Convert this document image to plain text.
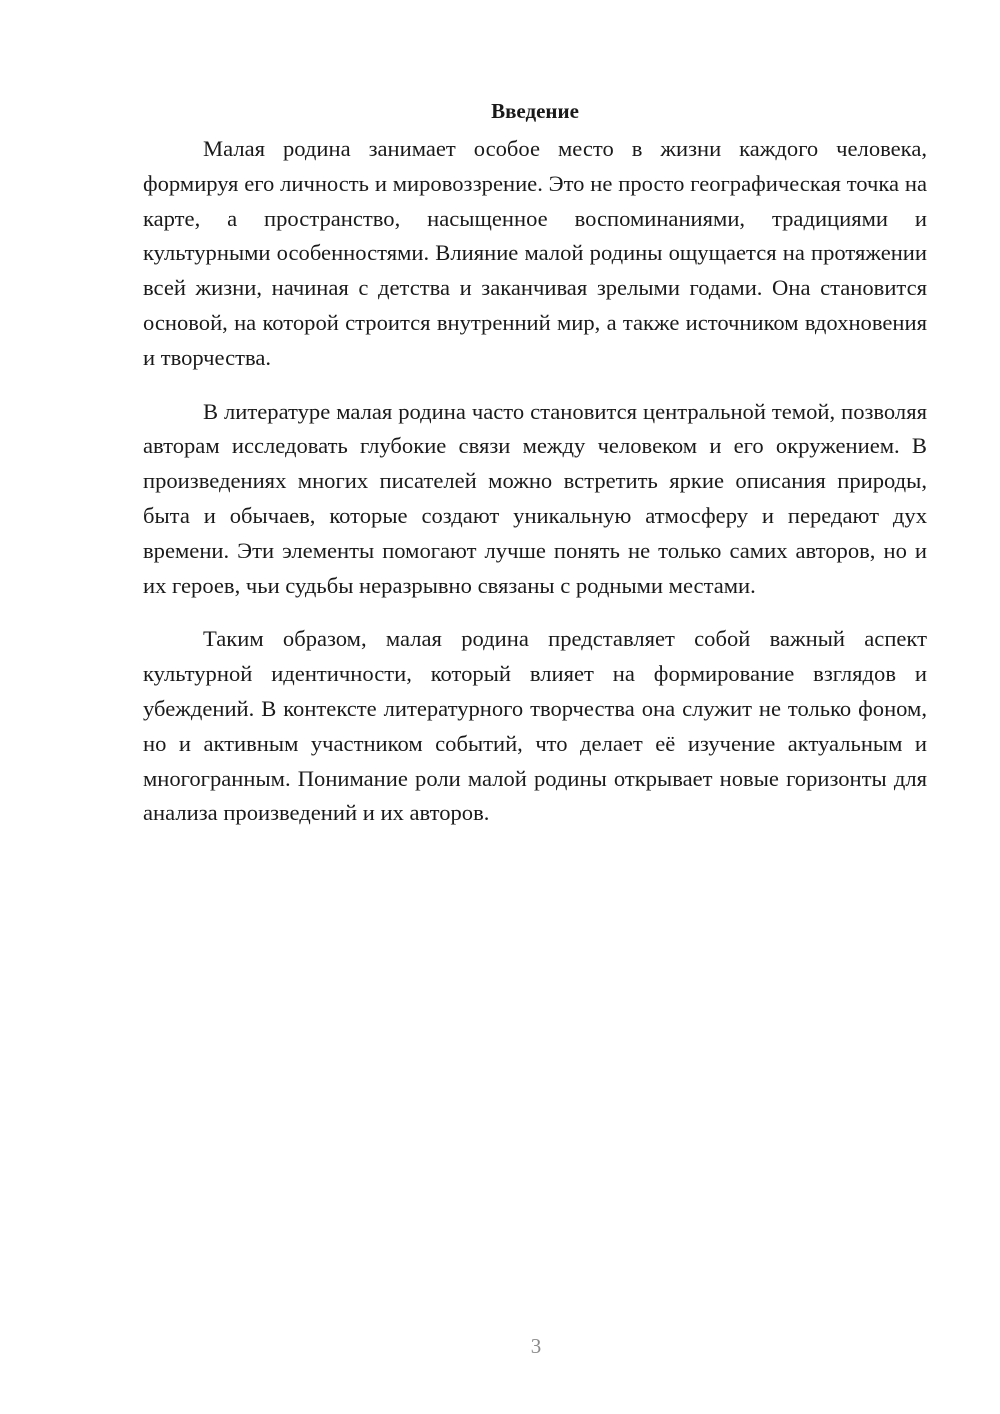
Введение

Малая родина занимает особое место в жизни каждого человека, формируя его личность и мировоззрение. Это не просто географическая точка на карте, а пространство, насыщенное воспоминаниями, традициями и культурными особенностями. Влияние малой родины ощущается на протяжении всей жизни, начиная с детства и заканчивая зрелыми годами. Она становится основой, на которой строится внутренний мир, а также источником вдохновения и творчества.

В литературе малая родина часто становится центральной темой, позволяя авторам исследовать глубокие связи между человеком и его окружением. В произведениях многих писателей можно встретить яркие описания природы, быта и обычаев, которые создают уникальную атмосферу и передают дух времени. Эти элементы помогают лучше понять не только самих авторов, но и их героев, чьи судьбы неразрывно связаны с родными местами.

Таким образом, малая родина представляет собой важный аспект культурной идентичности, который влияет на формирование взглядов и убеждений. В контексте литературного творчества она служит не только фоном, но и активным участником событий, что делает её изучение актуальным и многогранным. Понимание роли малой родины открывает новые горизонты для анализа произведений и их авторов.

3
